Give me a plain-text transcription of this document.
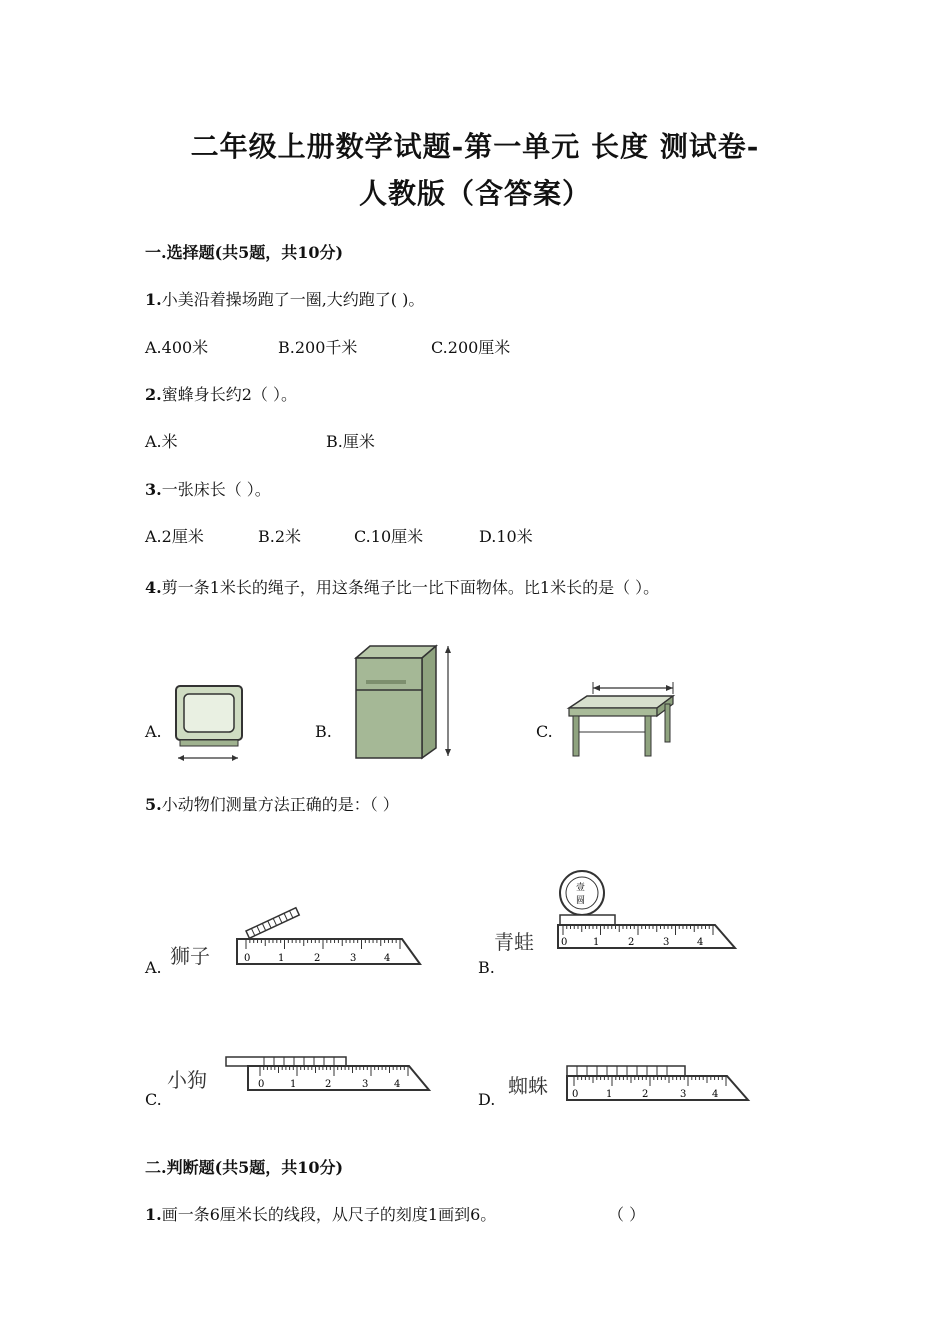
二年级上册数学试题-第一单元 长度 测试卷-
人教版（含答案）
一.选择题(共5题，共10分)
1.小美沿着操场跑了一圈,大约跑了( )。
A.400米	B.200千米	C.200厘米
2.蜜蜂身长约2（ ）。
A.米	B.厘米
3.一张床长（ ）。
A.2厘米	B.2米	C.10厘米	D.10米
4.剪一条1米长的绳子，用这条绳子比一比下面物体。比1米长的是（ ）。
A.	B.	C.
5.小动物们测量方法正确的是：（ ）
A.	B.
C.	D.
狮子
青蛙
小狗	蜘蛛
0	1	2	3	4
壹
圆
0	1	2	3	4
0	1	2	3	4
0	1	2	3	4
二.判断题(共5题，共10分)
1.画一条6厘米长的线段，从尺子的刻度1画到6。	（ ）
